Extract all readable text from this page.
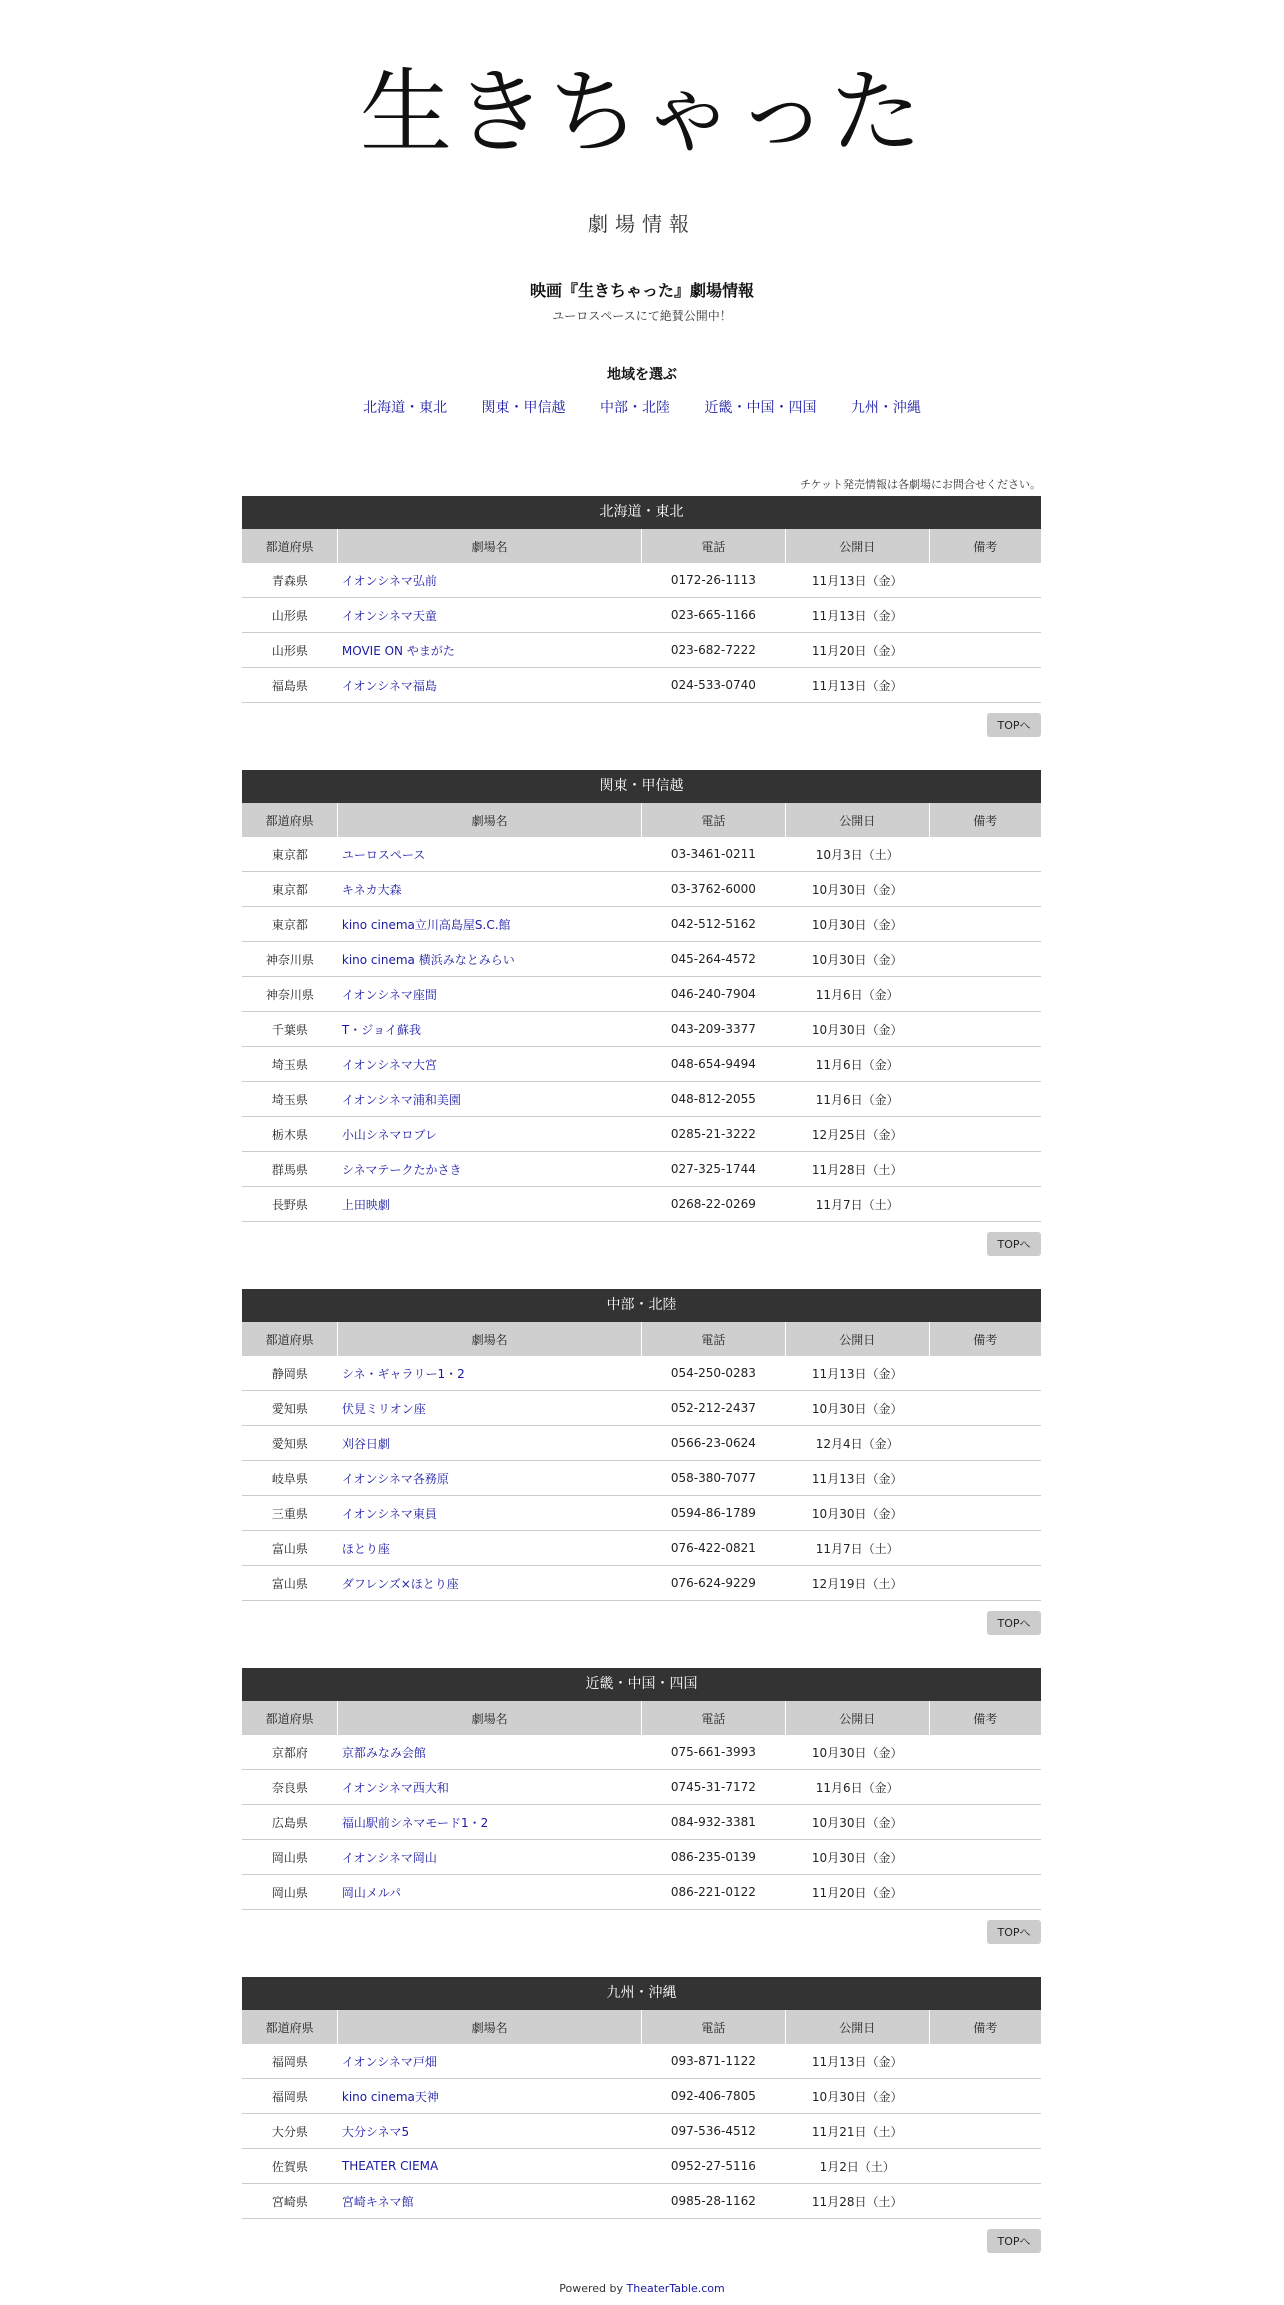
生きちゃった
劇場情報
映画『生きちゃった』劇場情報
ユーロスペースにて絶賛公開中！
地域を選ぶ
北海道・東北 関東・甲信越 中部・北陸 近畿・中国・四国 九州・沖縄
チケット発売情報は各劇場にお問合せください。
北海道・東北
都道府県	劇場名	電話	公開日	備考
青森県	イオンシネマ弘前	0172-26-1113	11月13日（金）	
山形県	イオンシネマ天童	023-665-1166	11月13日（金）	
山形県	MOVIE ON やまがた	023-682-7222	11月20日（金）	
福島県	イオンシネマ福島	024-533-0740	11月13日（金）	
TOPへ
関東・甲信越
都道府県	劇場名	電話	公開日	備考
東京都	ユーロスペース	03-3461-0211	10月3日（土）	
東京都	キネカ大森	03-3762-6000	10月30日（金）	
東京都	kino cinema立川高島屋S.C.館	042-512-5162	10月30日（金）	
神奈川県	kino cinema 横浜みなとみらい	045-264-4572	10月30日（金）	
神奈川県	イオンシネマ座間	046-240-7904	11月6日（金）	
千葉県	T・ジョイ蘇我	043-209-3377	10月30日（金）	
埼玉県	イオンシネマ大宮	048-654-9494	11月6日（金）	
埼玉県	イオンシネマ浦和美園	048-812-2055	11月6日（金）	
栃木県	小山シネマロブレ	0285-21-3222	12月25日（金）	
群馬県	シネマテークたかさき	027-325-1744	11月28日（土）	
長野県	上田映劇	0268-22-0269	11月7日（土）	
TOPへ
中部・北陸
都道府県	劇場名	電話	公開日	備考
静岡県	シネ・ギャラリー1・2	054-250-0283	11月13日（金）	
愛知県	伏見ミリオン座	052-212-2437	10月30日（金）	
愛知県	刈谷日劇	0566-23-0624	12月4日（金）	
岐阜県	イオンシネマ各務原	058-380-7077	11月13日（金）	
三重県	イオンシネマ東員	0594-86-1789	10月30日（金）	
富山県	ほとり座	076-422-0821	11月7日（土）	
富山県	ダフレンズ×ほとり座	076-624-9229	12月19日（土）	
TOPへ
近畿・中国・四国
都道府県	劇場名	電話	公開日	備考
京都府	京都みなみ会館	075-661-3993	10月30日（金）	
奈良県	イオンシネマ西大和	0745-31-7172	11月6日（金）	
広島県	福山駅前シネマモード1・2	084-932-3381	10月30日（金）	
岡山県	イオンシネマ岡山	086-235-0139	10月30日（金）	
岡山県	岡山メルパ	086-221-0122	11月20日（金）	
TOPへ
九州・沖縄
都道府県	劇場名	電話	公開日	備考
福岡県	イオンシネマ戸畑	093-871-1122	11月13日（金）	
福岡県	kino cinema天神	092-406-7805	10月30日（金）	
大分県	大分シネマ5	097-536-4512	11月21日（土）	
佐賀県	THEATER CIEMA	0952-27-5116	1月2日（土）	
宮崎県	宮崎キネマ館	0985-28-1162	11月28日（土）	
TOPへ
Powered by TheaterTable.com
